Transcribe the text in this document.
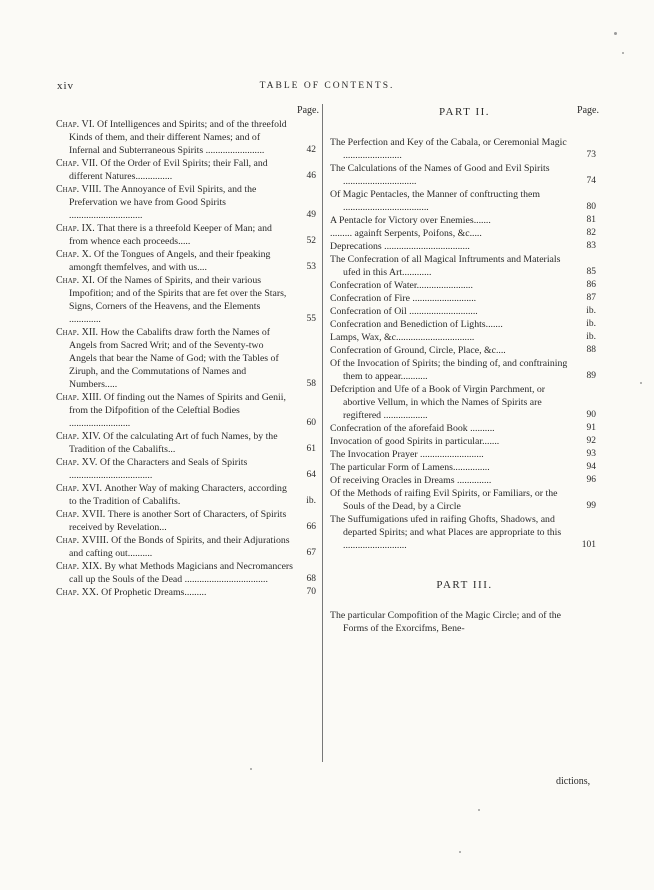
xiv	TABLE OF CONTENTS.
Page.
Chap. VI. Of Intelligences and Spirits; and of the threefold Kinds of them, and their different Names; and of Infernal and Subterraneous Spirits ........................	42
Chap. VII. Of the Order of Evil Spirits; their Fall, and different Natures...............	46
Chap. VIII. The Annoyance of Evil Spirits, and the Prefervation we have from Good Spirits ..............................	49
Chap. IX. That there is a threefold Keeper of Man; and from whence each proceeds.....	52
Chap. X. Of the Tongues of Angels, and their fpeaking amongft themfelves, and with us....	53
Chap. XI. Of the Names of Spirits, and their various Impofition; and of the Spirits that are fet over the Stars, Signs, Corners of the Heavens, and the Elements .............	55
Chap. XII. How the Cabalifts draw forth the Names of Angels from Sacred Writ; and of the Seventy-two Angels that bear the Name of God; with the Tables of Ziruph, and the Commutations of Names and Numbers.....	58
Chap. XIII. Of finding out the Names of Spirits and Genii, from the Difpofition of the Celeftial Bodies .........................	60
Chap. XIV. Of the calculating Art of fuch Names, by the Tradition of the Cabalifts...	61
Chap. XV. Of the Characters and Seals of Spirits ..................................	64
Chap. XVI. Another Way of making Characters, according to the Tradition of Cabalifts.	ib.
Chap. XVII. There is another Sort of Characters, of Spirits received by Revelation...	66
Chap. XVIII. Of the Bonds of Spirits, and their Adjurations and cafting out..........	67
Chap. XIX. By what Methods Magicians and Necromancers call up the Souls of the Dead ..................................	68
Chap. XX. Of Prophetic Dreams.........	70
Page.
PART II.
The Perfection and Key of the Cabala, or Ceremonial Magic ........................	73
The Calculations of the Names of Good and Evil Spirits ..............................	74
Of Magic Pentacles, the Manner of conftructing them ...................................	80
A Pentacle for Victory over Enemies.......	81
......... againft Serpents, Poifons, &c.....	82
Deprecations ...................................	83
The Confecration of all Magical Inftruments and Materials ufed in this Art............	85
Confecration of Water.......................	86
Confecration of Fire ..........................	87
Confecration of Oil ............................	ib.
Confecration and Benediction of Lights.......	ib.
Lamps, Wax, &c................................	ib.
Confecration of Ground, Circle, Place, &c....	88
Of the Invocation of Spirits; the binding of, and conftraining them to appear...........	89
Defcription and Ufe of a Book of Virgin Parchment, or abortive Vellum, in which the Names of Spirits are regiftered ..................	90
Confecration of the aforefaid Book ..........	91
Invocation of good Spirits in particular.......	92
The Invocation Prayer ..........................	93
The particular Form of Lamens...............	94
Of receiving Oracles in Dreams ..............	96
Of the Methods of raifing Evil Spirits, or Familiars, or the Souls of the Dead, by a Circle	99
The Suffumigations ufed in raifing Ghofts, Shadows, and departed Spirits; and what Places are appropriate to this ..........................	101
PART III.
The particular Compofition of the Magic Circle; and of the Forms of the Exorcifms, Bene-
dictions,
